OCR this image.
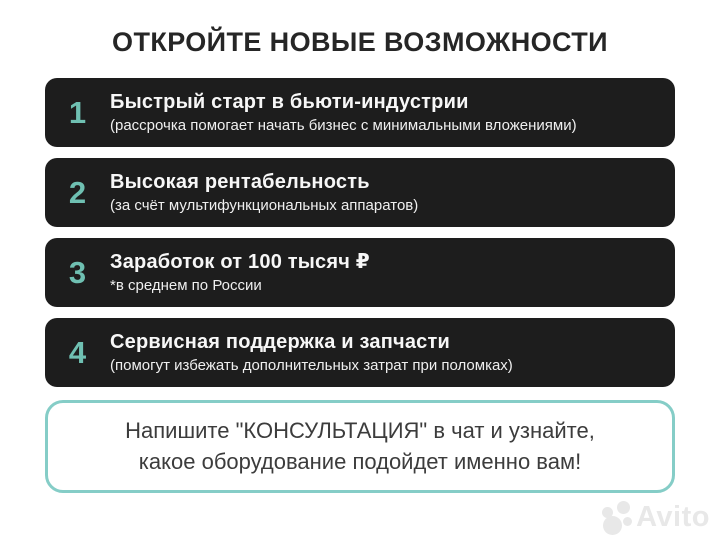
ОТКРОЙТЕ НОВЫЕ ВОЗМОЖНОСТИ
1	Быстрый старт в бьюти-индустрии
(рассрочка помогает начать бизнес с минимальными вложениями)
2	Высокая рентабельность
(за счёт мультифункциональных аппаратов)
3	Заработок от 100 тысяч ₽
*в среднем по России
4	Сервисная поддержка и запчасти
(помогут избежать дополнительных затрат при поломках)
Напишите "КОНСУЛЬТАЦИЯ" в чат и узнайте,
какое оборудование подойдет именно вам!
Avito
